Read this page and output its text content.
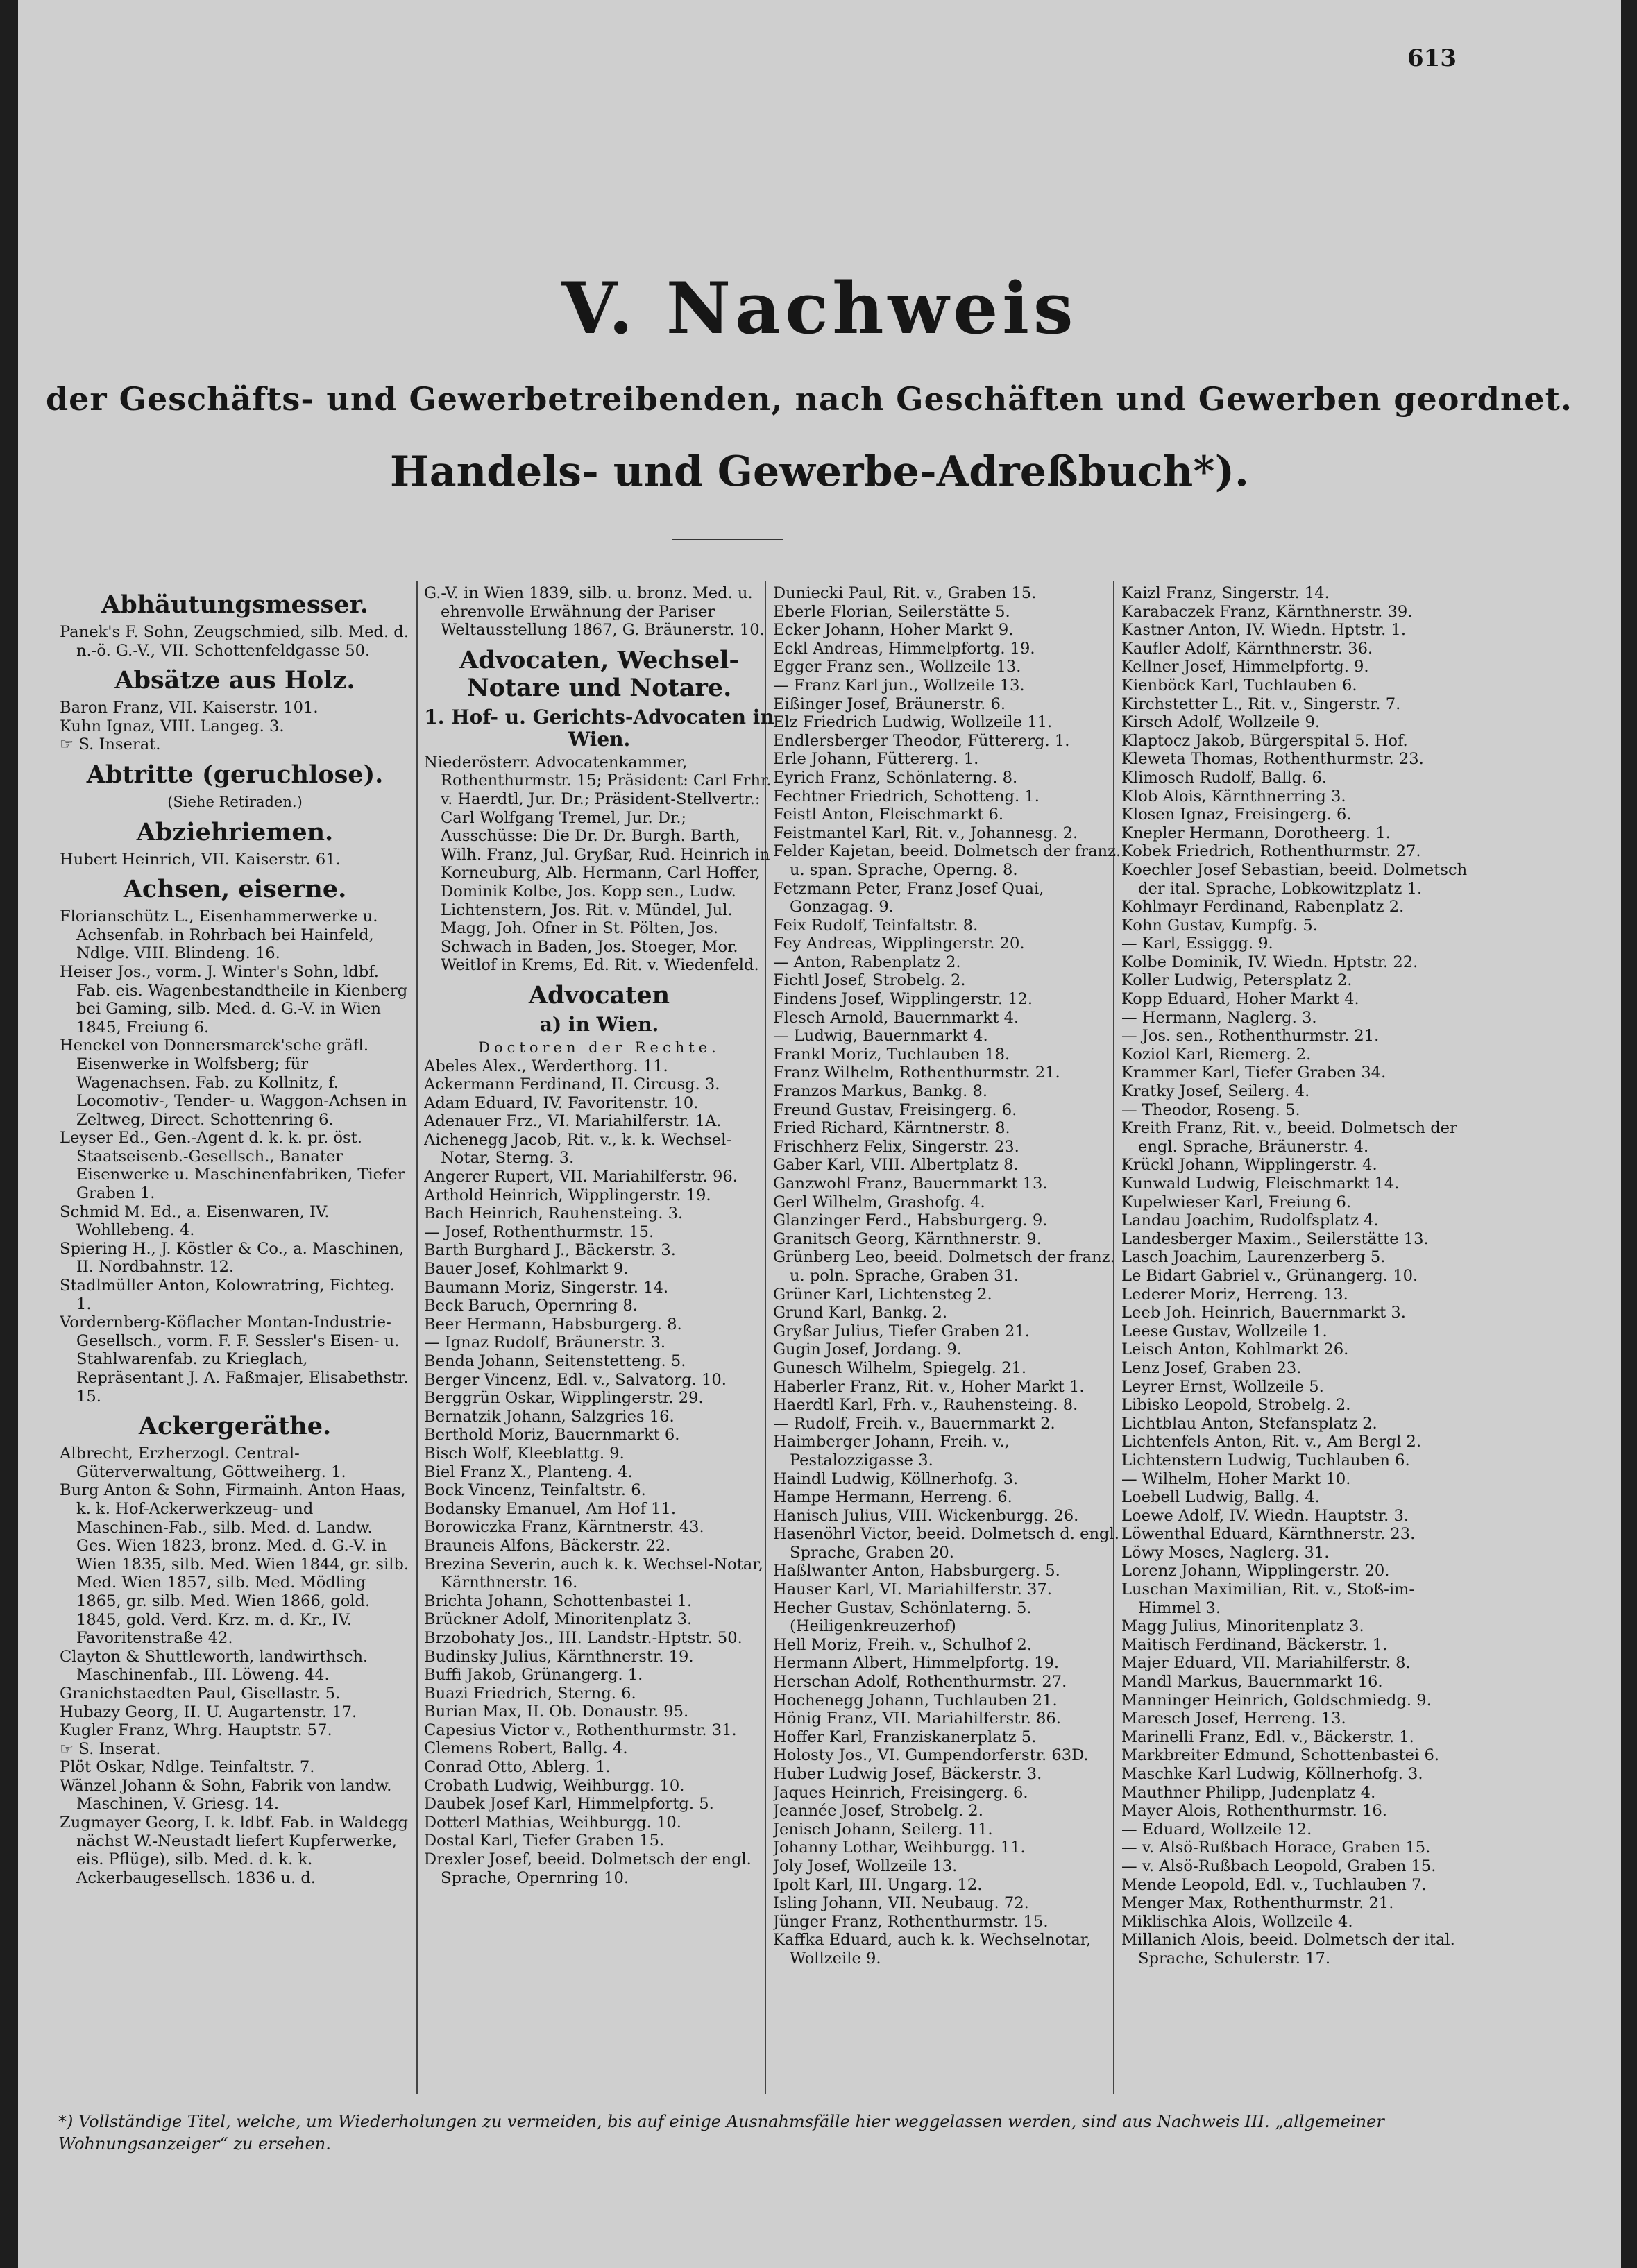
613
V. Nachweis
der Geschäfts- und Gewerbetreibenden, nach Geschäften und Gewerben geordnet.
Handels- und Gewerbe-Adreßbuch*).
Abhäutungsmesser.

Panek's F. Sohn, Zeugschmied, silb. Med. d. n.-ö. G.-V., VII. Schottenfeldgasse 50.

Absätze aus Holz.

Baron Franz, VII. Kaiserstr. 101.

Kuhn Ignaz, VIII. Langeg. 3.

☞ S. Inserat.

Abtritte (geruchlose).

(Siehe Retiraden.)

Abziehriemen.

Hubert Heinrich, VII. Kaiserstr. 61.

Achsen, eiserne.

Florianschütz L., Eisenhammerwerke u. Achsenfab. in Rohrbach bei Hainfeld, Ndlge. VIII. Blindeng. 16.

Heiser Jos., vorm. J. Winter's Sohn, ldbf. Fab. eis. Wagenbestandtheile in Kienberg bei Gaming, silb. Med. d. G.-V. in Wien 1845, Freiung 6.

Henckel von Donnersmarck'sche gräfl. Eisenwerke in Wolfsberg; für Wagenachsen. Fab. zu Kollnitz, f. Locomotiv-, Tender- u. Waggon-Achsen in Zeltweg, Direct. Schottenring 6.

Leyser Ed., Gen.-Agent d. k. k. pr. öst. Staatseisenb.-Gesellsch., Banater Eisenwerke u. Maschinenfabriken, Tiefer Graben 1.

Schmid M. Ed., a. Eisenwaren, IV. Wohllebeng. 4.

Spiering H., J. Köstler & Co., a. Maschinen, II. Nordbahnstr. 12.

Stadlmüller Anton, Kolowratring, Fichteg. 1.

Vordernberg-Köflacher Montan-Industrie-Gesellsch., vorm. F. F. Sessler's Eisen- u. Stahlwarenfab. zu Krieglach, Repräsentant J. A. Faßmajer, Elisabethstr. 15.

Ackergeräthe.

Albrecht, Erzherzogl. Central-Güterverwaltung, Göttweiherg. 1.

Burg Anton & Sohn, Firmainh. Anton Haas, k. k. Hof-Ackerwerkzeug- und Maschinen-Fab., silb. Med. d. Landw. Ges. Wien 1823, bronz. Med. d. G.-V. in Wien 1835, silb. Med. Wien 1844, gr. silb. Med. Wien 1857, silb. Med. Mödling 1865, gr. silb. Med. Wien 1866, gold. 1845, gold. Verd. Krz. m. d. Kr., IV. Favoritenstraße 42.

Clayton & Shuttleworth, landwirthsch. Maschinenfab., III. Löweng. 44.

Granichstaedten Paul, Gisellastr. 5.

Hubazy Georg, II. U. Augartenstr. 17.

Kugler Franz, Whrg. Hauptstr. 57.

☞ S. Inserat.

Plöt Oskar, Ndlge. Teinfaltstr. 7.

Wänzel Johann & Sohn, Fabrik von landw. Maschinen, V. Griesg. 14.

Zugmayer Georg, I. k. ldbf. Fab. in Waldegg nächst W.-Neustadt liefert Kupferwerke, eis. Pflüge), silb. Med. d. k. k. Ackerbaugesellsch. 1836 u. d.

G.-V. in Wien 1839, silb. u. bronz. Med. u. ehrenvolle Erwähnung der Pariser Weltausstellung 1867, G. Bräunerstr. 10.

Advocaten, Wechsel-Notare und Notare.
1. Hof- u. Gerichts-Advocaten in Wien.

Niederösterr. Advocatenkammer, Rothenthurmstr. 15; Präsident: Carl Frhr. v. Haerdtl, Jur. Dr.; Präsident-Stellvertr.: Carl Wolfgang Tremel, Jur. Dr.; Ausschüsse: Die Dr. Dr. Burgh. Barth, Wilh. Franz, Jul. Gryßar, Rud. Heinrich in Korneuburg, Alb. Hermann, Carl Hoffer, Dominik Kolbe, Jos. Kopp sen., Ludw. Lichtenstern, Jos. Rit. v. Mündel, Jul. Magg, Joh. Ofner in St. Pölten, Jos. Schwach in Baden, Jos. Stoeger, Mor. Weitlof in Krems, Ed. Rit. v. Wiedenfeld.

Advocaten
a) in Wien.

Doctoren der Rechte.

Abeles Alex., Werderthorg. 11.

Ackermann Ferdinand, II. Circusg. 3.

Adam Eduard, IV. Favoritenstr. 10.

Adenauer Frz., VI. Mariahilferstr. 1A.

Aichenegg Jacob, Rit. v., k. k. Wechsel-Notar, Sterng. 3.

Angerer Rupert, VII. Mariahilferstr. 96.

Arthold Heinrich, Wipplingerstr. 19.

Bach Heinrich, Rauhensteing. 3.

— Josef, Rothenthurmstr. 15.

Barth Burghard J., Bäckerstr. 3.

Bauer Josef, Kohlmarkt 9.

Baumann Moriz, Singerstr. 14.

Beck Baruch, Opernring 8.

Beer Hermann, Habsburgerg. 8.

— Ignaz Rudolf, Bräunerstr. 3.

Benda Johann, Seitenstetteng. 5.

Berger Vincenz, Edl. v., Salvatorg. 10.

Berggrün Oskar, Wipplingerstr. 29.

Bernatzik Johann, Salzgries 16.

Berthold Moriz, Bauernmarkt 6.

Bisch Wolf, Kleeblattg. 9.

Biel Franz X., Planteng. 4.

Bock Vincenz, Teinfaltstr. 6.

Bodansky Emanuel, Am Hof 11.

Borowiczka Franz, Kärntnerstr. 43.

Brauneis Alfons, Bäckerstr. 22.

Brezina Severin, auch k. k. Wechsel-Notar, Kärnthnerstr. 16.

Brichta Johann, Schottenbastei 1.

Brückner Adolf, Minoritenplatz 3.

Brzobohaty Jos., III. Landstr.-Hptstr. 50.

Budinsky Julius, Kärnthnerstr. 19.

Buffi Jakob, Grünangerg. 1.

Buazi Friedrich, Sterng. 6.

Burian Max, II. Ob. Donaustr. 95.

Capesius Victor v., Rothenthurmstr. 31.

Clemens Robert, Ballg. 4.

Conrad Otto, Ablerg. 1.

Crobath Ludwig, Weihburgg. 10.

Daubek Josef Karl, Himmelpfortg. 5.

Dotterl Mathias, Weihburgg. 10.

Dostal Karl, Tiefer Graben 15.

Drexler Josef, beeid. Dolmetsch der engl. Sprache, Opernring 10.

Duniecki Paul, Rit. v., Graben 15.

Eberle Florian, Seilerstätte 5.

Ecker Johann, Hoher Markt 9.

Eckl Andreas, Himmelpfortg. 19.

Egger Franz sen., Wollzeile 13.

— Franz Karl jun., Wollzeile 13.

Eißinger Josef, Bräunerstr. 6.

Elz Friedrich Ludwig, Wollzeile 11.

Endlersberger Theodor, Füttererg. 1.

Erle Johann, Füttererg. 1.

Eyrich Franz, Schönlaterng. 8.

Fechtner Friedrich, Schotteng. 1.

Feistl Anton, Fleischmarkt 6.

Feistmantel Karl, Rit. v., Johannesg. 2.

Felder Kajetan, beeid. Dolmetsch der franz. u. span. Sprache, Operng. 8.

Fetzmann Peter, Franz Josef Quai, Gonzagag. 9.

Feix Rudolf, Teinfaltstr. 8.

Fey Andreas, Wipplingerstr. 20.

— Anton, Rabenplatz 2.

Fichtl Josef, Strobelg. 2.

Findens Josef, Wipplingerstr. 12.

Flesch Arnold, Bauernmarkt 4.

— Ludwig, Bauernmarkt 4.

Frankl Moriz, Tuchlauben 18.

Franz Wilhelm, Rothenthurmstr. 21.

Franzos Markus, Bankg. 8.

Freund Gustav, Freisingerg. 6.

Fried Richard, Kärntnerstr. 8.

Frischherz Felix, Singerstr. 23.

Gaber Karl, VIII. Albertplatz 8.

Ganzwohl Franz, Bauernmarkt 13.

Gerl Wilhelm, Grashofg. 4.

Glanzinger Ferd., Habsburgerg. 9.

Granitsch Georg, Kärnthnerstr. 9.

Grünberg Leo, beeid. Dolmetsch der franz. u. poln. Sprache, Graben 31.

Grüner Karl, Lichtensteg 2.

Grund Karl, Bankg. 2.

Gryßar Julius, Tiefer Graben 21.

Gugin Josef, Jordang. 9.

Gunesch Wilhelm, Spiegelg. 21.

Haberler Franz, Rit. v., Hoher Markt 1.

Haerdtl Karl, Frh. v., Rauhensteing. 8.

— Rudolf, Freih. v., Bauernmarkt 2.

Haimberger Johann, Freih. v., Pestalozzigasse 3.

Haindl Ludwig, Köllnerhofg. 3.

Hampe Hermann, Herreng. 6.

Hanisch Julius, VIII. Wickenburgg. 26.

Hasenöhrl Victor, beeid. Dolmetsch d. engl. Sprache, Graben 20.

Haßlwanter Anton, Habsburgerg. 5.

Hauser Karl, VI. Mariahilferstr. 37.

Hecher Gustav, Schönlaterng. 5. (Heiligenkreuzerhof)

Hell Moriz, Freih. v., Schulhof 2.

Hermann Albert, Himmelpfortg. 19.

Herschan Adolf, Rothenthurmstr. 27.

Hochenegg Johann, Tuchlauben 21.

Hönig Franz, VII. Mariahilferstr. 86.

Hoffer Karl, Franziskanerplatz 5.

Holosty Jos., VI. Gumpendorferstr. 63D.

Huber Ludwig Josef, Bäckerstr. 3.

Jaques Heinrich, Freisingerg. 6.

Jeannée Josef, Strobelg. 2.

Jenisch Johann, Seilerg. 11.

Johanny Lothar, Weihburgg. 11.

Joly Josef, Wollzeile 13.

Ipolt Karl, III. Ungarg. 12.

Isling Johann, VII. Neubaug. 72.

Jünger Franz, Rothenthurmstr. 15.

Kaffka Eduard, auch k. k. Wechselnotar, Wollzeile 9.

Kaizl Franz, Singerstr. 14.

Karabaczek Franz, Kärnthnerstr. 39.

Kastner Anton, IV. Wiedn. Hptstr. 1.

Kaufler Adolf, Kärnthnerstr. 36.

Kellner Josef, Himmelpfortg. 9.

Kienböck Karl, Tuchlauben 6.

Kirchstetter L., Rit. v., Singerstr. 7.

Kirsch Adolf, Wollzeile 9.

Klaptocz Jakob, Bürgerspital 5. Hof.

Kleweta Thomas, Rothenthurmstr. 23.

Klimosch Rudolf, Ballg. 6.

Klob Alois, Kärnthnerring 3.

Klosen Ignaz, Freisingerg. 6.

Knepler Hermann, Dorotheerg. 1.

Kobek Friedrich, Rothenthurmstr. 27.

Koechler Josef Sebastian, beeid. Dolmetsch der ital. Sprache, Lobkowitzplatz 1.

Kohlmayr Ferdinand, Rabenplatz 2.

Kohn Gustav, Kumpfg. 5.

— Karl, Essiggg. 9.

Kolbe Dominik, IV. Wiedn. Hptstr. 22.

Koller Ludwig, Petersplatz 2.

Kopp Eduard, Hoher Markt 4.

— Hermann, Naglerg. 3.

— Jos. sen., Rothenthurmstr. 21.

Koziol Karl, Riemerg. 2.

Krammer Karl, Tiefer Graben 34.

Kratky Josef, Seilerg. 4.

— Theodor, Roseng. 5.

Kreith Franz, Rit. v., beeid. Dolmetsch der engl. Sprache, Bräunerstr. 4.

Krückl Johann, Wipplingerstr. 4.

Kunwald Ludwig, Fleischmarkt 14.

Kupelwieser Karl, Freiung 6.

Landau Joachim, Rudolfsplatz 4.

Landesberger Maxim., Seilerstätte 13.

Lasch Joachim, Laurenzerberg 5.

Le Bidart Gabriel v., Grünangerg. 10.

Lederer Moriz, Herreng. 13.

Leeb Joh. Heinrich, Bauernmarkt 3.

Leese Gustav, Wollzeile 1.

Leisch Anton, Kohlmarkt 26.

Lenz Josef, Graben 23.

Leyrer Ernst, Wollzeile 5.

Libisko Leopold, Strobelg. 2.

Lichtblau Anton, Stefansplatz 2.

Lichtenfels Anton, Rit. v., Am Bergl 2.

Lichtenstern Ludwig, Tuchlauben 6.

— Wilhelm, Hoher Markt 10.

Loebell Ludwig, Ballg. 4.

Loewe Adolf, IV. Wiedn. Hauptstr. 3.

Löwenthal Eduard, Kärnthnerstr. 23.

Löwy Moses, Naglerg. 31.

Lorenz Johann, Wipplingerstr. 20.

Luschan Maximilian, Rit. v., Stoß-im-Himmel 3.

Magg Julius, Minoritenplatz 3.

Maitisch Ferdinand, Bäckerstr. 1.

Majer Eduard, VII. Mariahilferstr. 8.

Mandl Markus, Bauernmarkt 16.

Manninger Heinrich, Goldschmiedg. 9.

Maresch Josef, Herreng. 13.

Marinelli Franz, Edl. v., Bäckerstr. 1.

Markbreiter Edmund, Schottenbastei 6.

Maschke Karl Ludwig, Köllnerhofg. 3.

Mauthner Philipp, Judenplatz 4.

Mayer Alois, Rothenthurmstr. 16.

— Eduard, Wollzeile 12.

— v. Alsö-Rußbach Horace, Graben 15.

— v. Alsö-Rußbach Leopold, Graben 15.

Mende Leopold, Edl. v., Tuchlauben 7.

Menger Max, Rothenthurmstr. 21.

Miklischka Alois, Wollzeile 4.

Millanich Alois, beeid. Dolmetsch der ital. Sprache, Schulerstr. 17.

*) Vollständige Titel, welche, um Wiederholungen zu vermeiden, bis auf einige Ausnahmsfälle hier weggelassen werden, sind aus Nachweis III. „allgemeiner Wohnungsanzeiger“ zu ersehen.
